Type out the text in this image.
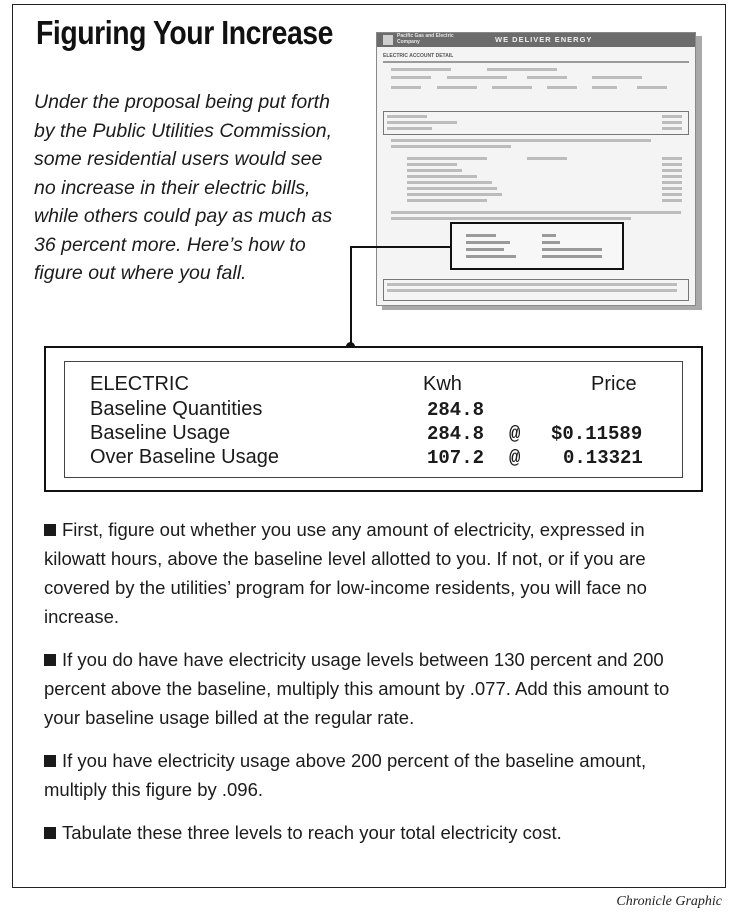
Figuring Your Increase
Under the proposal being put forth by the Public Utilities Commission, some residential users would see no increase in their electric bills, while others could pay as much as 36 percent more. Here’s how to figure out where you fall.
Pacific Gas and Electric Company	WE DELIVER ENERGY
ELECTRIC ACCOUNT DETAIL
ELECTRIC	Kwh	Price
Baseline Quantities	284.8
Baseline Usage	284.8 @ $0.11589
Over Baseline Usage	107.2 @ 0.13321

First, figure out whether you use any amount of electricity, expressed in kilowatt hours, above the baseline level allotted to you. If not, or if you are covered by the utilities’ program for low-income residents, you will face no increase.

If you do have have electricity usage levels between 130 percent and 200 percent above the baseline, multiply this amount by .077. Add this amount to your baseline usage billed at the regular rate.

If you have electricity usage above 200 percent of the baseline amount, multiply this figure by .096.

Tabulate these three levels to reach your total electricity cost.

Chronicle Graphic
